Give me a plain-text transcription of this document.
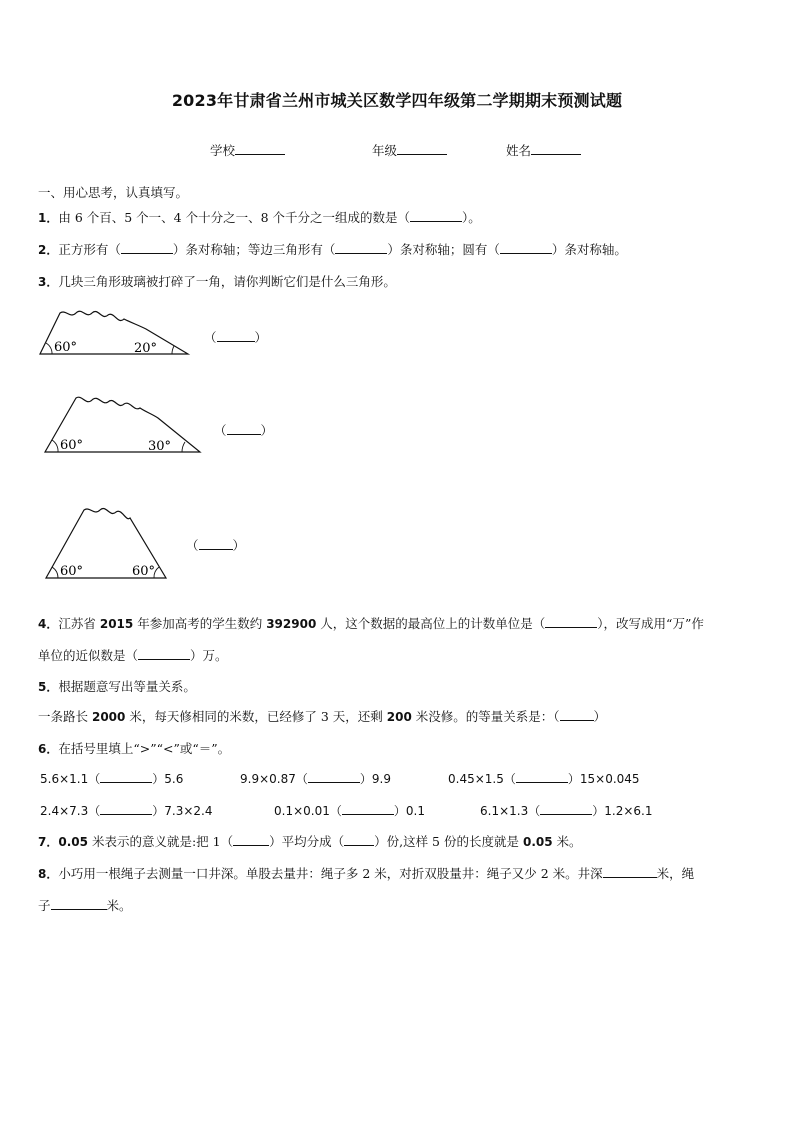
2023年甘肃省兰州市城关区数学四年级第二学期期末预测试题
学校	年级	姓名
一、用心思考，认真填写。
1．由 6 个百、5 个一、4 个十分之一、8 个千分之一组成的数是（	）。
2．正方形有（	）条对称轴；等边三角形有（	）条对称轴；圆有（	）条对称轴。
3．几块三角形玻璃被打碎了一角，请你判断它们是什么三角形。
60°	20°
（	）
60°	30°
（	）
60°	60°
（	）
4．江苏省 2015 年参加高考的学生数约 392900 人，这个数据的最高位上的计数单位是（	），改写成用“万”作
单位的近似数是（	）万。
5．根据题意写出等量关系。
一条路长 2000 米，每天修相同的米数，已经修了 3 天，还剩 200 米没修。的等量关系是：（	）
6．在括号里填上“>”“<”或“＝”。
5.6×1.1（	）5.6	9.9×0.87（	）9.9	0.45×1.5（	）15×0.045
2.4×7.3（	）7.3×2.4	0.1×0.01（	）0.1	6.1×1.3（	）1.2×6.1
7．0.05 米表示的意义就是:把 1（	）平均分成（ ）份,这样 5 份的长度就是 0.05 米。
8．小巧用一根绳子去测量一口井深。单股去量井：绳子多 2 米，对折双股量井：绳子又少 2 米。井深	米，绳
子	米。
